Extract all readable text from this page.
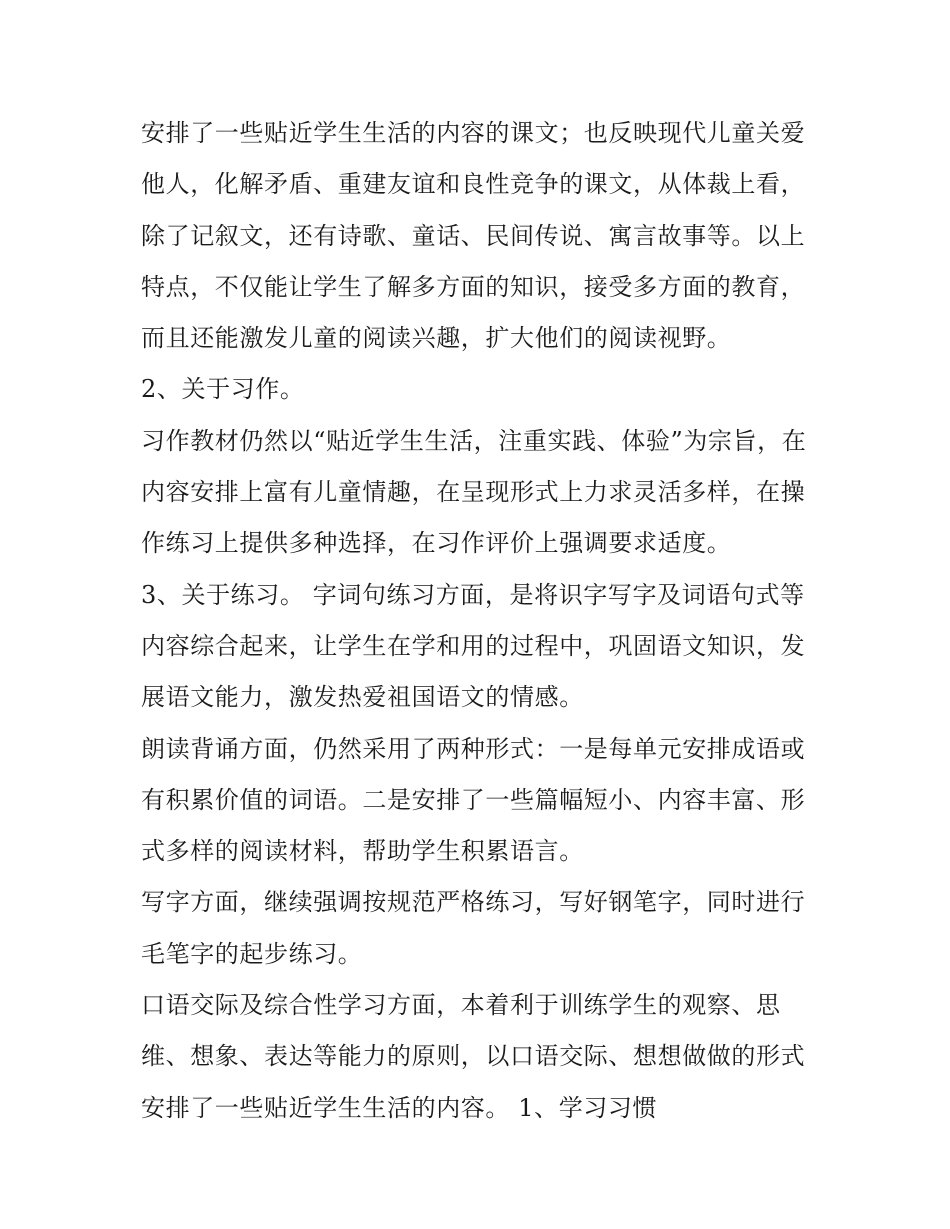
安排了一些贴近学生生活的内容的课文；也反映现代儿童关爱
他人，化解矛盾、重建友谊和良性竞争的课文，从体裁上看，
除了记叙文，还有诗歌、童话、民间传说、寓言故事等。以上
特点，不仅能让学生了解多方面的知识，接受多方面的教育，
而且还能激发儿童的阅读兴趣，扩大他们的阅读视野。
2、关于习作。
习作教材仍然以“贴近学生生活，注重实践、体验”为宗旨，在
内容安排上富有儿童情趣，在呈现形式上力求灵活多样，在操
作练习上提供多种选择，在习作评价上强调要求适度。
3、关于练习。 字词句练习方面，是将识字写字及词语句式等
内容综合起来，让学生在学和用的过程中，巩固语文知识，发
展语文能力，激发热爱祖国语文的情感。
朗读背诵方面，仍然采用了两种形式：一是每单元安排成语或
有积累价值的词语。二是安排了一些篇幅短小、内容丰富、形
式多样的阅读材料，帮助学生积累语言。
写字方面，继续强调按规范严格练习，写好钢笔字，同时进行
毛笔字的起步练习。
口语交际及综合性学习方面，本着利于训练学生的观察、思
维、想象、表达等能力的原则，以口语交际、想想做做的形式
安排了一些贴近学生生活的内容。 1、学习习惯
